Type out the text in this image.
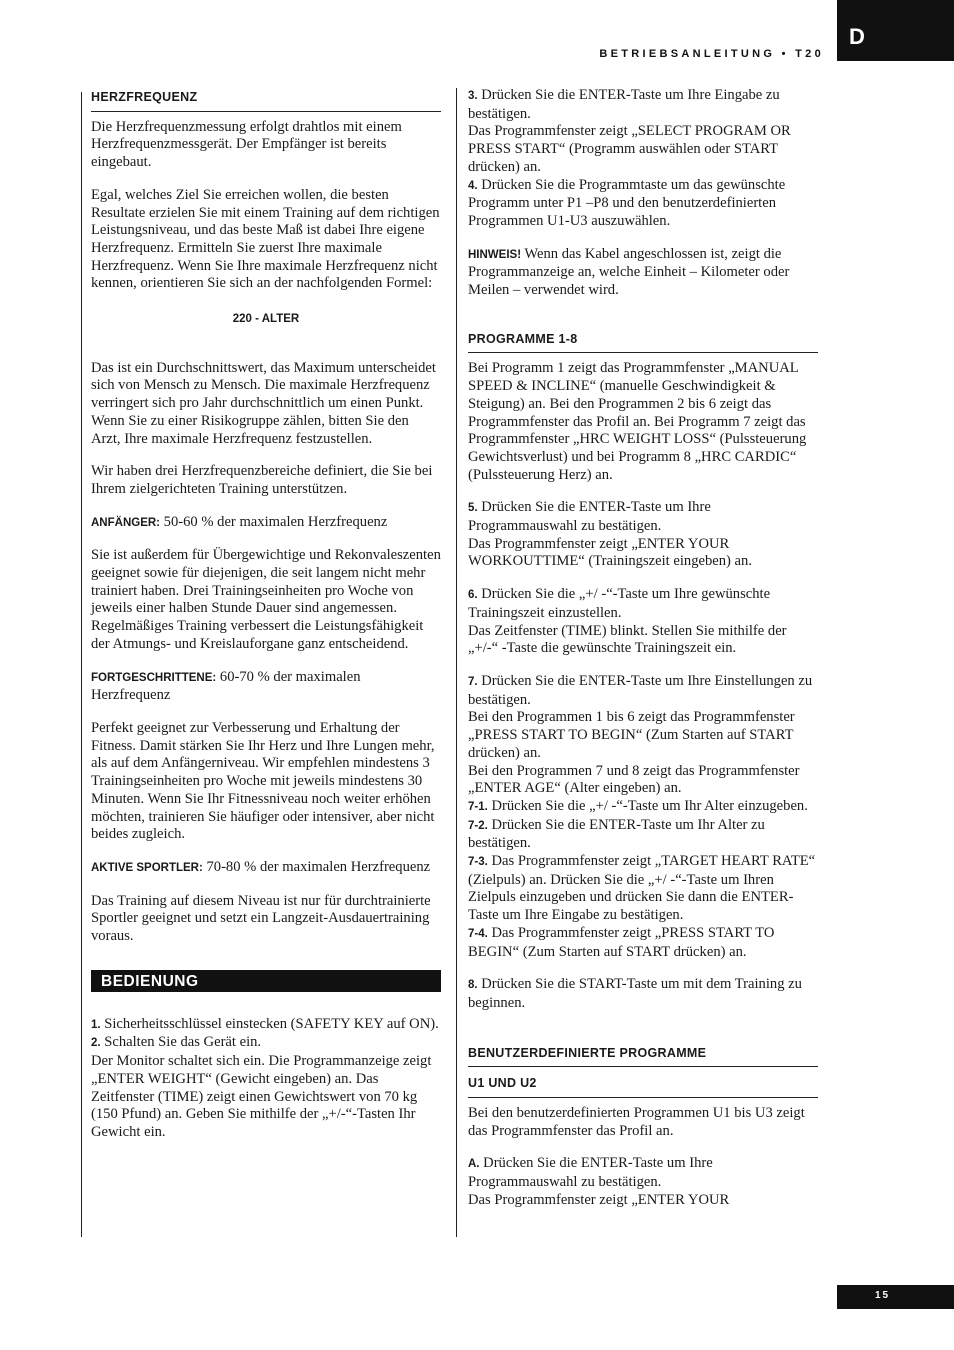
D
BETRIEBSANLEITUNG • T20
15
HERZFREQUENZ

Die Herzfrequenzmessung erfolgt drahtlos mit einem Herzfrequenzmessgerät. Der Empfänger ist bereits eingebaut.

Egal, welches Ziel Sie erreichen wollen, die besten Resultate erzielen Sie mit einem Training auf dem richtigen Leistungsniveau, und das beste Maß ist dabei Ihre eigene Herzfrequenz. Ermitteln Sie zuerst Ihre maximale Herzfrequenz. Wenn Sie Ihre maximale Herzfrequenz nicht kennen, orientieren Sie sich an der nachfolgenden Formel:

220 - ALTER

Das ist ein Durchschnittswert, das Maximum unterscheidet sich von Mensch zu Mensch. Die maximale Herzfrequenz verringert sich pro Jahr durchschnittlich um einen Punkt. Wenn Sie zu einer Risikogruppe zählen, bitten Sie den Arzt, Ihre maximale Herzfrequenz festzustellen.

Wir haben drei Herzfrequenzbereiche definiert, die Sie bei Ihrem zielgerichteten Training unterstützen.

ANFÄNGER: 50-60 % der maximalen Herzfrequenz

Sie ist außerdem für Übergewichtige und Rekonvaleszenten geeignet sowie für diejenigen, die seit langem nicht mehr trainiert haben. Drei Trainingseinheiten pro Woche von jeweils einer halben Stunde Dauer sind angemessen. Regelmäßiges Training verbessert die Leistungsfähigkeit der Atmungs- und Kreislauforgane ganz entscheidend.

FORTGESCHRITTENE: 60-70 % der maximalen Herzfrequenz

Perfekt geeignet zur Verbesserung und Erhaltung der Fitness. Damit stärken Sie Ihr Herz und Ihre Lungen mehr, als auf dem Anfängerniveau. Wir empfehlen mindestens 3 Trainingseinheiten pro Woche mit jeweils mindestens 30 Minuten. Wenn Sie Ihr Fitnessniveau noch weiter erhöhen möchten, trainieren Sie häufiger oder intensiver, aber nicht beides zugleich.

AKTIVE SPORTLER: 70-80 % der maximalen Herzfrequenz

Das Training auf diesem Niveau ist nur für durchtrainierte Sportler geeignet und setzt ein Langzeit-Ausdauertraining voraus.

BEDIENUNG
1. Sicherheitsschlüssel einstecken (SAFETY KEY auf ON).
2. Schalten Sie das Gerät ein.
Der Monitor schaltet sich ein. Die Programmanzeige zeigt „ENTER WEIGHT“ (Gewicht eingeben) an. Das Zeitfenster (TIME) zeigt einen Gewichtswert von 70 kg (150 Pfund) an. Geben Sie mithilfe der „+/-“-Tasten Ihr Gewicht ein.
3. Drücken Sie die ENTER-Taste um Ihre Eingabe zu bestätigen.
Das Programmfenster zeigt „SELECT PROGRAM OR PRESS START“ (Programm auswählen oder START drücken) an.

4. Drücken Sie die Programmtaste um das gewünschte Programm unter P1 –P8 und den benutzerdefinierten Programmen U1-U3 auszuwählen.

HINWEIS! Wenn das Kabel angeschlossen ist, zeigt die Programmanzeige an, welche Einheit – Kilometer oder Meilen – verwendet wird.

PROGRAMME 1-8

Bei Programm 1 zeigt das Programmfenster „MANUAL SPEED & INCLINE“ (manuelle Geschwindigkeit & Steigung) an. Bei den Programmen 2 bis 6 zeigt das Programmfenster das Profil an. Bei Programm 7 zeigt das Programmfenster „HRC WEIGHT LOSS“ (Pulssteuerung Gewichtsverlust) und bei Programm 8 „HRC CARDIC“ (Pulssteuerung Herz) an.

5. Drücken Sie die ENTER-Taste um Ihre Programmauswahl zu bestätigen.

Das Programmfenster zeigt „ENTER YOUR WORKOUTTIME“ (Trainingszeit eingeben) an.

6. Drücken Sie die „+/ -“-Taste um Ihre gewünschte Trainingszeit einzustellen.

Das Zeitfenster (TIME) blinkt. Stellen Sie mithilfe der „+/-“ -Taste die gewünschte Trainingszeit ein.

7. Drücken Sie die ENTER-Taste um Ihre Einstellungen zu bestätigen.
Bei den Programmen 1 bis 6 zeigt das Programmfenster „PRESS START TO BEGIN“ (Zum Starten auf START drücken) an.
Bei den Programmen 7 und 8 zeigt das Programmfenster „ENTER AGE“ (Alter eingeben) an.
7-1. Drücken Sie die „+/ -“-Taste um Ihr Alter einzugeben.
7-2. Drücken Sie die ENTER-Taste um Ihr Alter zu bestätigen.
7-3. Das Programmfenster zeigt „TARGET HEART RATE“ (Zielpuls) an. Drücken Sie die „+/ -“-Taste um Ihren Zielpuls einzugeben und drücken Sie dann die ENTER-Taste um Ihre Eingabe zu bestätigen.

7-4. Das Programmfenster zeigt „PRESS START TO BEGIN“ (Zum Starten auf START drücken) an.

8. Drücken Sie die START-Taste um mit dem Training zu beginnen.

BENUTZERDEFINIERTE PROGRAMME
U1 UND U2

Bei den benutzerdefinierten Programmen U1 bis U3 zeigt das Programmfenster das Profil an.

A. Drücken Sie die ENTER-Taste um Ihre Programmauswahl zu bestätigen.
Das Programmfenster zeigt „ENTER YOUR
